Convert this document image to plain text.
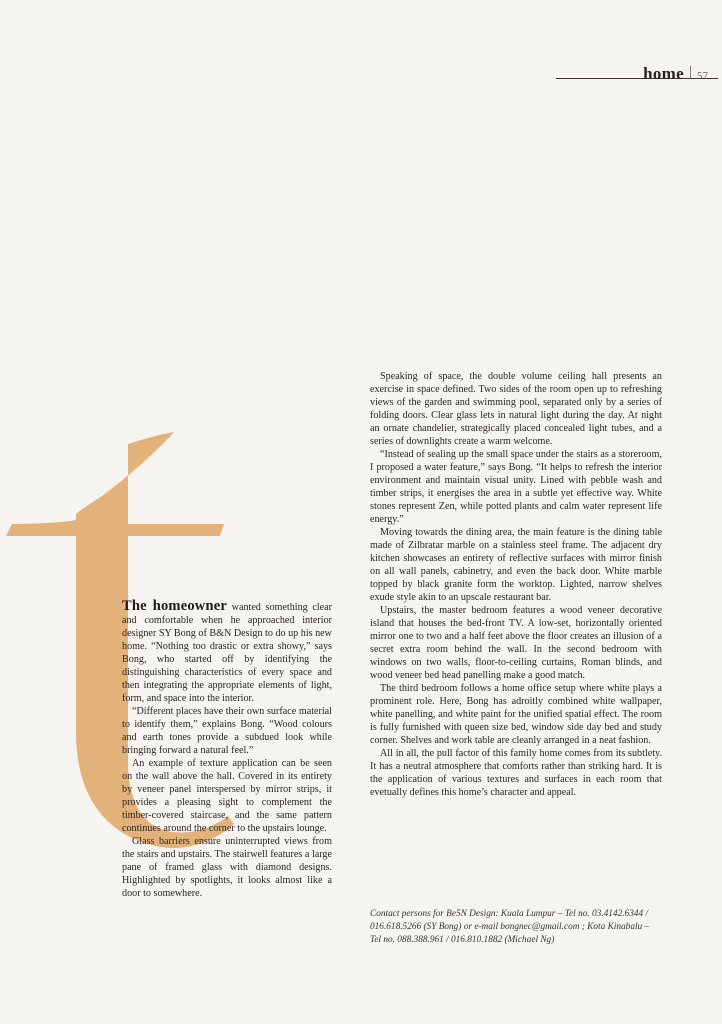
home 57

The homeowner wanted something clear and comfortable when he approached interior designer SY Bong of B&N Design to do up his new home. “Nothing too drastic or extra showy,” says Bong, who started off by identifying the distinguishing characteristics of every space and then integrating the appropriate elements of light, form, and space into the interior.

“Different places have their own surface material to identify them,” explains Bong. “Wood colours and earth tones provide a subdued look while bringing forward a natural feel.”

An example of texture application can be seen on the wall above the hall. Covered in its entirety by veneer panel interspersed by mirror strips, it provides a pleasing sight to complement the timber-covered staircase, and the same pattern continues around the corner to the upstairs lounge.

Glass barriers ensure uninterrupted views from the stairs and upstairs. The stairwell features a large pane of framed glass with diamond designs. Highlighted by spotlights, it looks almost like a door to somewhere.

Speaking of space, the double volume ceiling hall presents an exercise in space defined. Two sides of the room open up to refreshing views of the garden and swimming pool, separated only by a series of folding doors. Clear glass lets in natural light during the day. At night an ornate chandelier, strategically placed concealed light tubes, and a series of downlights create a warm welcome.

“Instead of sealing up the small space under the stairs as a storeroom, I proposed a water feature,” says Bong. “It helps to refresh the interior environment and maintain visual unity. Lined with pebble wash and timber strips, it energises the area in a subtle yet effective way. White stones represent Zen, while potted plants and calm water represent life energy.”

Moving towards the dining area, the main feature is the dining table made of Zilbratar marble on a stainless steel frame. The adjacent dry kitchen showcases an entirety of reflective surfaces with mirror finish on all wall panels, cabinetry, and even the back door. White marble topped by black granite form the worktop. Lighted, narrow shelves exude style akin to an upscale restaurant bar.

Upstairs, the master bedroom features a wood veneer decorative island that houses the bed-front TV. A low-set, horizontally oriented mirror one to two and a half feet above the floor creates an illusion of a secret extra room behind the wall. In the second bedroom with windows on two walls, floor-to-ceiling curtains, Roman blinds, and wood veneer bed head panelling make a good match.

The third bedroom follows a home office setup where white plays a prominent role. Here, Bong has adroitly combined white wallpaper, white panelling, and white paint for the unified spatial effect. The room is fully furnished with queen size bed, window side day bed and study corner. Shelves and work table are cleanly arranged in a neat fashion.

All in all, the pull factor of this family home comes from its subtlety. It has a neutral atmosphere that comforts rather than striking hard. It is the application of various textures and surfaces in each room that evetually defines this home’s character and appeal.

Contact persons for Be5N Design: Kuala Lumpur – Tel no. 03.4142.6344 / 016.618.5266 (SY Bong) or e-mail bongnec@gmail.com ; Kota Kinabalu – Tel no. 088.388.961 / 016.810.1882 (Michael Ng)
